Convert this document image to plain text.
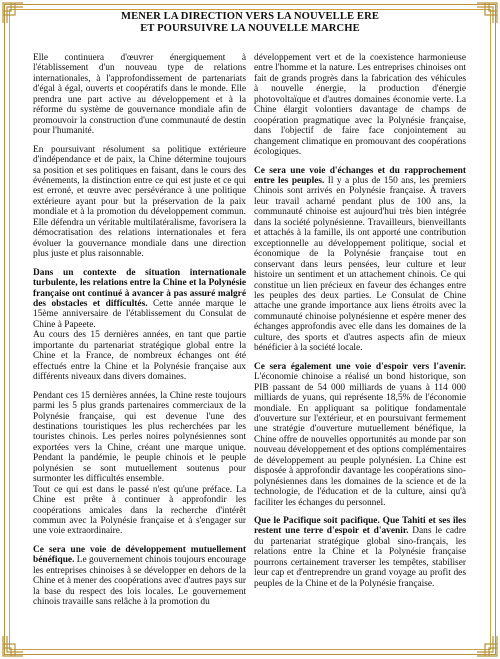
MENER LA DIRECTION VERS LA NOUVELLE ERE
ET POURSUIVRE LA NOUVELLE MARCHE

Elle continuera d'œuvrer énergiquement à l'établissement d'un nouveau type de relations internationales, à l'approfondissement de partenariats d'égal à égal, ouverts et coopératifs dans le monde. Elle prendra une part active au développement et à la réforme du système de gouvernance mondiale afin de promouvoir la construction d'une communauté de destin pour l'humanité.

En poursuivant résolument sa politique extérieure d'indépendance et de paix, la Chine détermine toujours sa position et ses politiques en faisant, dans le cours des événements, la distinction entre ce qui est juste et ce qui est erroné, et œuvre avec persévérance à une politique extérieure ayant pour but la préservation de la paix mondiale et à la promotion du développement commun. Elle défendra un véritable multilatéralisme, favorisera la démocratisation des relations internationales et fera évoluer la gouvernance mondiale dans une direction plus juste et plus raisonnable.

Dans un contexte de situation internationale turbulente, les relations entre la Chine et la Polynésie française ont continué à avancer à pas assuré malgré des obstacles et difficultés. Cette année marque le 15ème anniversaire de l'établissement du Consulat de Chine à Papeete.

Au cours des 15 dernières années, en tant que partie importante du partenariat stratégique global entre la Chine et la France, de nombreux échanges ont été effectués entre la Chine et la Polynésie française aux différents niveaux dans divers domaines.

Pendant ces 15 dernières années, la Chine reste toujours parmi les 5 plus grands partenaires commerciaux de la Polynésie française, qui est devenue l'une des destinations touristiques les plus recherchées par les touristes chinois. Les perles noires polynésiennes sont exportées vers la Chine, créant une marque unique. Pendant la pandémie, le peuple chinois et le peuple polynésien se sont mutuellement soutenus pour surmonter les difficultés ensemble.

Tout ce qui est dans le passé n'est qu'une préface. La Chine est prête à continuer à approfondir les coopérations amicales dans la recherche d'intérêt commun avec la Polynésie française et à s'engager sur une voie extraordinaire.

Ce sera une voie de développement mutuellement bénéfique. Le gouvernement chinois toujours encourage les entreprises chinoises à se développer en dehors de la Chine et à mener des coopérations avec d'autres pays sur la base du respect des lois locales. Le gouvernement chinois travaille sans relâche à la promotion du

développement vert et de la coexistence harmonieuse entre l'homme et la nature. Les entreprises chinoises ont fait de grands progrès dans la fabrication des véhicules à nouvelle énergie, la production d'énergie photovoltaïque et d'autres domaines économie verte. La Chine élargit volontiers davantage de champs de coopération pragmatique avec la Polynésie française, dans l'objectif de faire face conjointement au changement climatique en promouvant des coopérations écologiques.

Ce sera une voie d'échanges et du rapprochement entre les peuples. Il y a plus de 150 ans, les premiers Chinois sont arrivés en Polynésie française. À travers leur travail acharné pendant plus de 100 ans, la communauté chinoise est aujourd'hui très bien intégrée dans la société polynésienne. Travailleurs, bienveillants et attachés à la famille, ils ont apporté une contribution exceptionnelle au développement politique, social et économique de la Polynésie française tout en conservant dans leurs pensées, leur culture et leur histoire un sentiment et un attachement chinois. Ce qui constitue un lien précieux en faveur des échanges entre les peuples des deux parties. Le Consulat de Chine attache une grande importance aux liens étroits avec la communauté chinoise polynésienne et espère mener des échanges approfondis avec elle dans les domaines de la culture, des sports et d'autres aspects afin de mieux bénéficier à la société locale.

Ce sera également une voie d'espoir vers l'avenir. L'économie chinoise a réalisé un bond historique, son PIB passant de 54 000 milliards de yuans à 114 000 milliards de yuans, qui représente 18,5% de l'économie mondiale. En appliquant sa politique fondamentale d'ouverture sur l'extérieur, et en poursuivant fermement une stratégie d'ouverture mutuellement bénéfique, la Chine offre de nouvelles opportunités au monde par son nouveau développement et des options complémentaires de développement au peuple polynésien. La Chine est disposée à approfondir davantage les coopérations sino-polynésiennes dans les domaines de la science et de la technologie, de l'éducation et de la culture, ainsi qu'à faciliter les échanges du personnel.

Que le Pacifique soit pacifique. Que Tahiti et ses îles restent une terre d'espoir et d'avenir. Dans le cadre du partenariat stratégique global sino-français, les relations entre la Chine et la Polynésie française pourrons certainement traverser les tempêtes, stabiliser leur cap et d'entreprendre un grand voyage au profit des peuples de la Chine et de la Polynésie française.
